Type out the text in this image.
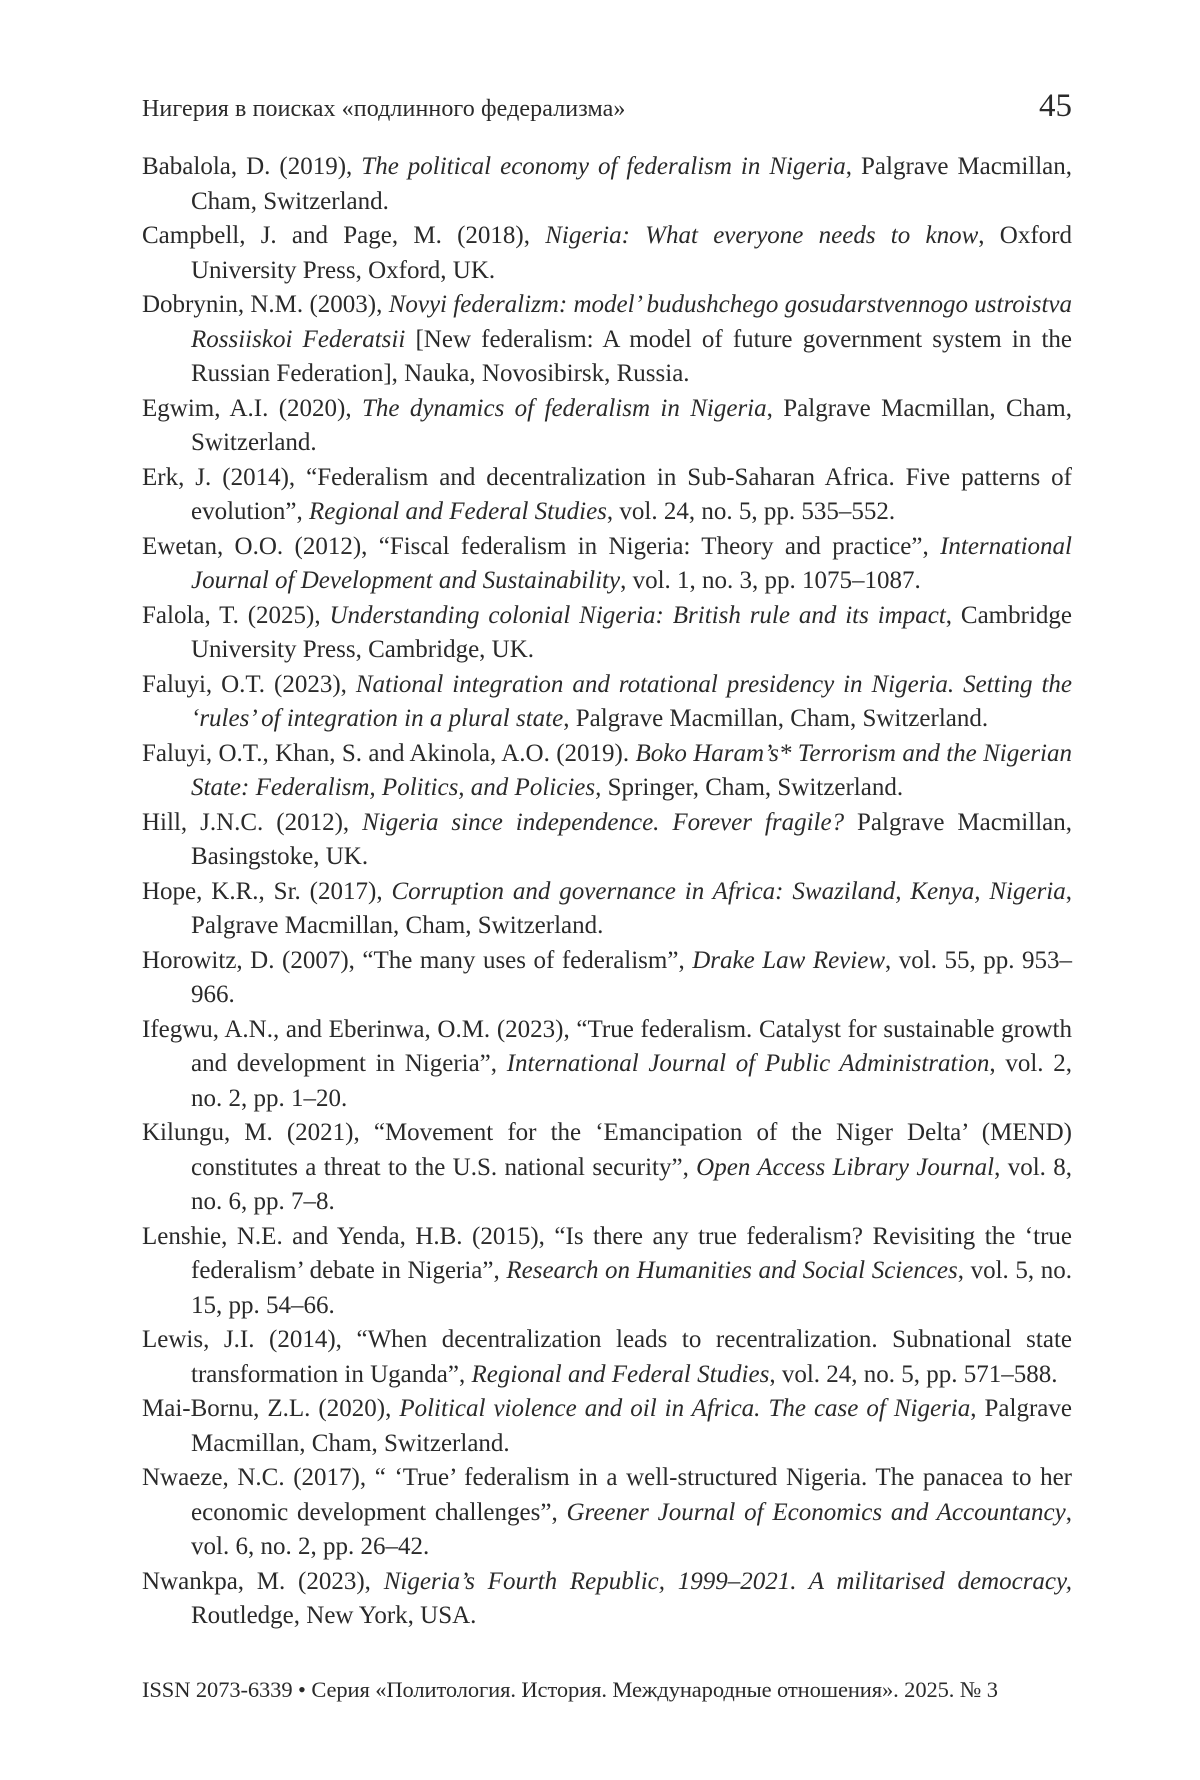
Нигерия в поисках «подлинного федерализма»	45
Babalola, D. (2019), The political economy of federalism in Nigeria, Palgrave Macmillan, Cham, Switzerland.
Campbell, J. and Page, M. (2018), Nigeria: What everyone needs to know, Oxford University Press, Oxford, UK.
Dobrynin, N.M. (2003), Novyi federalizm: model’ budushchego gosudarstvennogo ustroistva Rossiiskoi Federatsii [New federalism: A model of future government system in the Russian Federation], Nauka, Novosibirsk, Russia.
Egwim, A.I. (2020), The dynamics of federalism in Nigeria, Palgrave Macmillan, Cham, Switzerland.
Erk, J. (2014), “Federalism and decentralization in Sub-Saharan Africa. Five patterns of evolution”, Regional and Federal Studies, vol. 24, no. 5, pp. 535–552.
Ewetan, O.O. (2012), “Fiscal federalism in Nigeria: Theory and practice”, International Journal of Development and Sustainability, vol. 1, no. 3, pp. 1075–1087.
Falola, T. (2025), Understanding colonial Nigeria: British rule and its impact, Cambridge University Press, Cambridge, UK.
Faluyi, O.T. (2023), National integration and rotational presidency in Nigeria. Setting the ‘rules’ of integration in a plural state, Palgrave Macmillan, Cham, Switzerland.
Faluyi, O.T., Khan, S. and Akinola, A.O. (2019). Boko Haram’s* Terrorism and the Nigerian State: Federalism, Politics, and Policies, Springer, Cham, Switzerland.
Hill, J.N.C. (2012), Nigeria since independence. Forever fragile? Palgrave Macmillan, Basingstoke, UK.
Hope, K.R., Sr. (2017), Corruption and governance in Africa: Swaziland, Kenya, Nigeria, Palgrave Macmillan, Cham, Switzerland.
Horowitz, D. (2007), “The many uses of federalism”, Drake Law Review, vol. 55, pp. 953–966.
Ifegwu, A.N., and Eberinwa, O.M. (2023), “True federalism. Catalyst for sustainable growth and development in Nigeria”, International Journal of Public Administration, vol. 2, no. 2, pp. 1–20.
Kilungu, M. (2021), “Movement for the ‘Emancipation of the Niger Delta’ (MEND) constitutes a threat to the U.S. national security”, Open Access Library Journal, vol. 8, no. 6, pp. 7–8.
Lenshie, N.E. and Yenda, H.B. (2015), “Is there any true federalism? Revisiting the ‘true federalism’ debate in Nigeria”, Research on Humanities and Social Sciences, vol. 5, no. 15, pp. 54–66.
Lewis, J.I. (2014), “When decentralization leads to recentralization. Subnational state transformation in Uganda”, Regional and Federal Studies, vol. 24, no. 5, pp. 571–588.
Mai-Bornu, Z.L. (2020), Political violence and oil in Africa. The case of Nigeria, Palgrave Macmillan, Cham, Switzerland.
Nwaeze, N.C. (2017), “ ‘True’ federalism in a well-structured Nigeria. The panacea to her economic development challenges”, Greener Journal of Economics and Accountancy, vol. 6, no. 2, pp. 26–42.
Nwankpa, M. (2023), Nigeria’s Fourth Republic, 1999–2021. A militarised democracy, Routledge, New York, USA.
ISSN 2073-6339 • Серия «Политология. История. Международные отношения». 2025. № 3
